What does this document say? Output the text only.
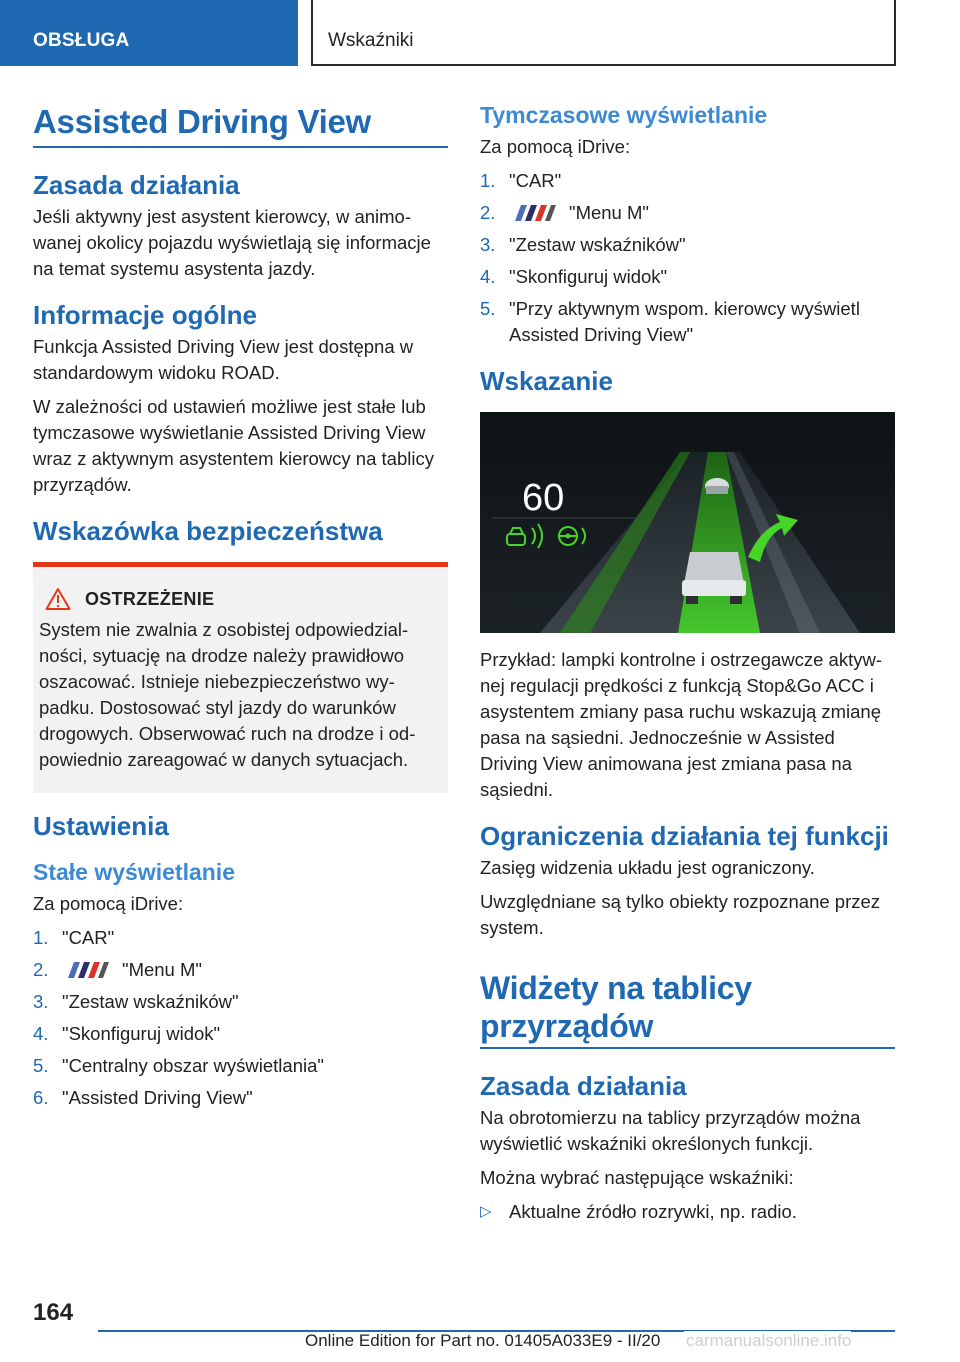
OBSŁUGA	Wskaźniki
Assisted Driving View
Zasada działania

Jeśli aktywny jest asystent kierowcy, w animowanej okolicy pojazdu wyświetlają się informacje na temat systemu asystenta jazdy.

Informacje ogólne

Funkcja Assisted Driving View jest dostępna w standardowym widoku ROAD.

W zależności od ustawień możliwe jest stałe lub tymczasowe wyświetlanie Assisted Driving View wraz z aktywnym asystentem kierowcy na tablicy przyrządów.

Wskazówka bezpieczeństwa
OSTRZEŻENIE

System nie zwalnia z osobistej odpowiedzialności, sytuację na drodze należy prawidłowo oszacować. Istnieje niebezpieczeństwo wypadku. Dostosować styl jazdy do warunków drogowych. Obserwować ruch na drodze i odpowiednio zareagować w danych sytuacjach.

Ustawienia
Stałe wyświetlanie

Za pomocą iDrive:

1. "CAR"
2.	"Menu M"
3. "Zestaw wskaźników"
4. "Skonfiguruj widok"
5. "Centralny obszar wyświetlania"
6. "Assisted Driving View"
Tymczasowe wyświetlanie

Za pomocą iDrive:

1. "CAR"
2.	"Menu M"
3. "Zestaw wskaźników"
4. "Skonfiguruj widok"
5. "Przy aktywnym wspom. kierowcy wyświetl Assisted Driving View"
Wskazanie
60

Przykład: lampki kontrolne i ostrzegawcze aktywnej regulacji prędkości z funkcją Stop&Go ACC i asystentem zmiany pasa ruchu wskazują zmianę pasa na sąsiedni. Jednocześnie w Assisted Driving View animowana jest zmiana pasa na sąsiedni.

Ograniczenia działania tej funkcji

Zasięg widzenia układu jest ograniczony.

Uwzględniane są tylko obiekty rozpoznane przez system.

Widżety na tablicy przyrządów
Zasada działania

Na obrotomierzu na tablicy przyrządów można wyświetlić wskaźniki określonych funkcji.

Można wybrać następujące wskaźniki:

▷ Aktualne źródło rozrywki, np. radio.
164
Online Edition for Part no. 01405A033E9 - II/20 carmanualsonline.info
